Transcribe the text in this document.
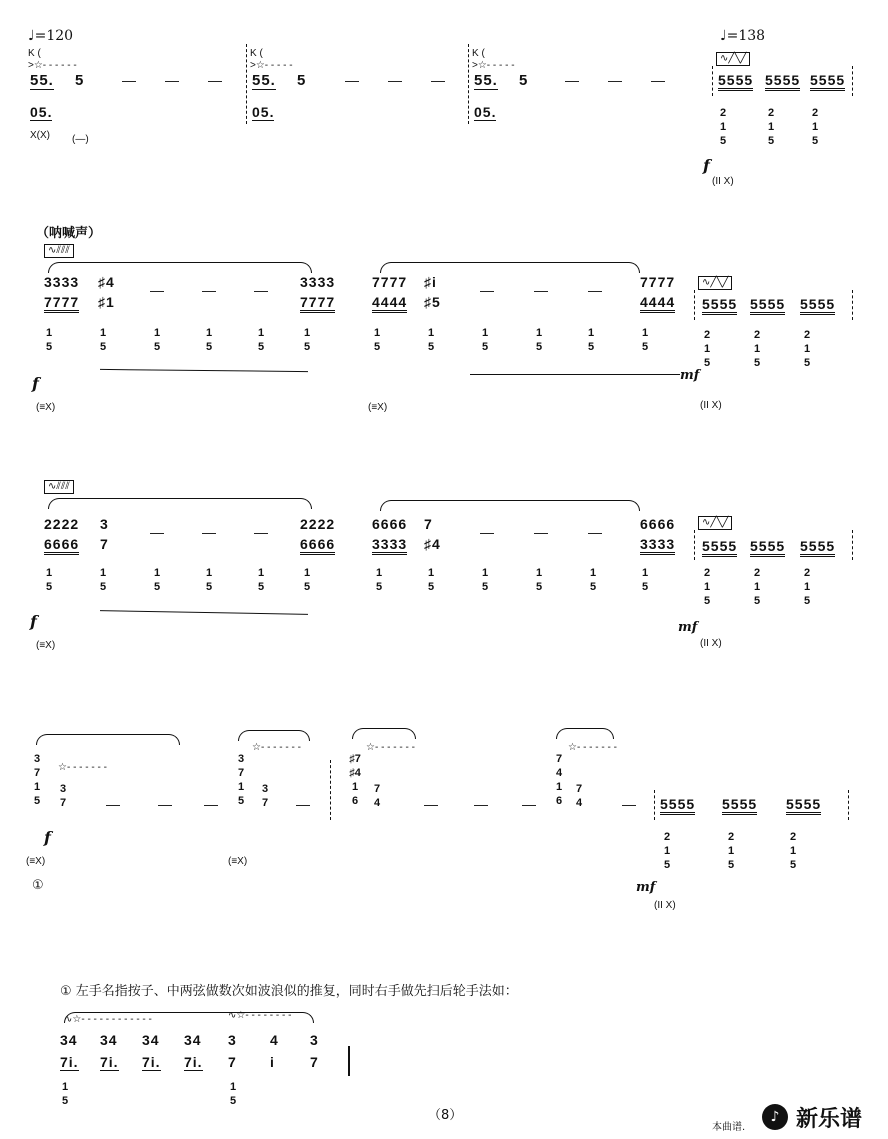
♩=120
K (
>☆- - - - - -
55. 5	— — —
05.
X(X) (—)
K (
>☆- - - - -
55. 5	— — —
05.
K (
>☆- - - - -
55. 5	— — —
05.
♩=138
∿╱╲╱
5555 5555 5555
2
1
5
2
1
5
2
1
5
f
(II X)
（呐喊声）
∿⫽⫽⫽
3333
7777
♯4
♯1
—	—	— 3333
7777
7777
4444
♯i
♯5
—	—	—	7777
4444
1
5
1
5
1
5
1
5
1
5
1
5
1
5
1
5
1
5
1
5
1
5
1
5
f
(≡X)	(≡X)
mf
∿╱╲╱
5555 5555 5555
2
1
5
2
1
5
2
1
5
(II X)
∿⫽⫽⫽
2222
6666
3
7
—	—	— 2222
6666
6666
3333
7
♯4
—	—	—	6666
3333
1
5
1
5
1
5
1
5
1
5
1
5
1
5
1
5
1
5
1
5
1
5
1
5
f
(≡X)
mf
∿╱╲╱
5555 5555 5555
2
1
5
2
1
5
2
1
5
(II X)
3
7
1
5
☆- - - - - - -
3
7	—	— —
f
(≡X)
①
☆- - - - - - -
3
7
1
5
3
7 —
(≡X)
☆- - - - - - -
♯7
♯4
1
6
7
4	—	— —
☆- - - - - - -
7
4
1
6
7
4	— 5555 5555 5555
2
1
5
2
1
5
2
1
5
mf
(II X)
① 左手名指按子、中两弦做数次如波浪似的推复，同时右手做先扫后轮手法如：
∿☆- - - - - - - - - - - -	∿☆- - - - - - - -
34 34 34 34 3 4 3
7i. 7i. 7i. 7i. 7 i	7
1
5
1
5
（8）
本曲谱.
♪ 新乐谱
